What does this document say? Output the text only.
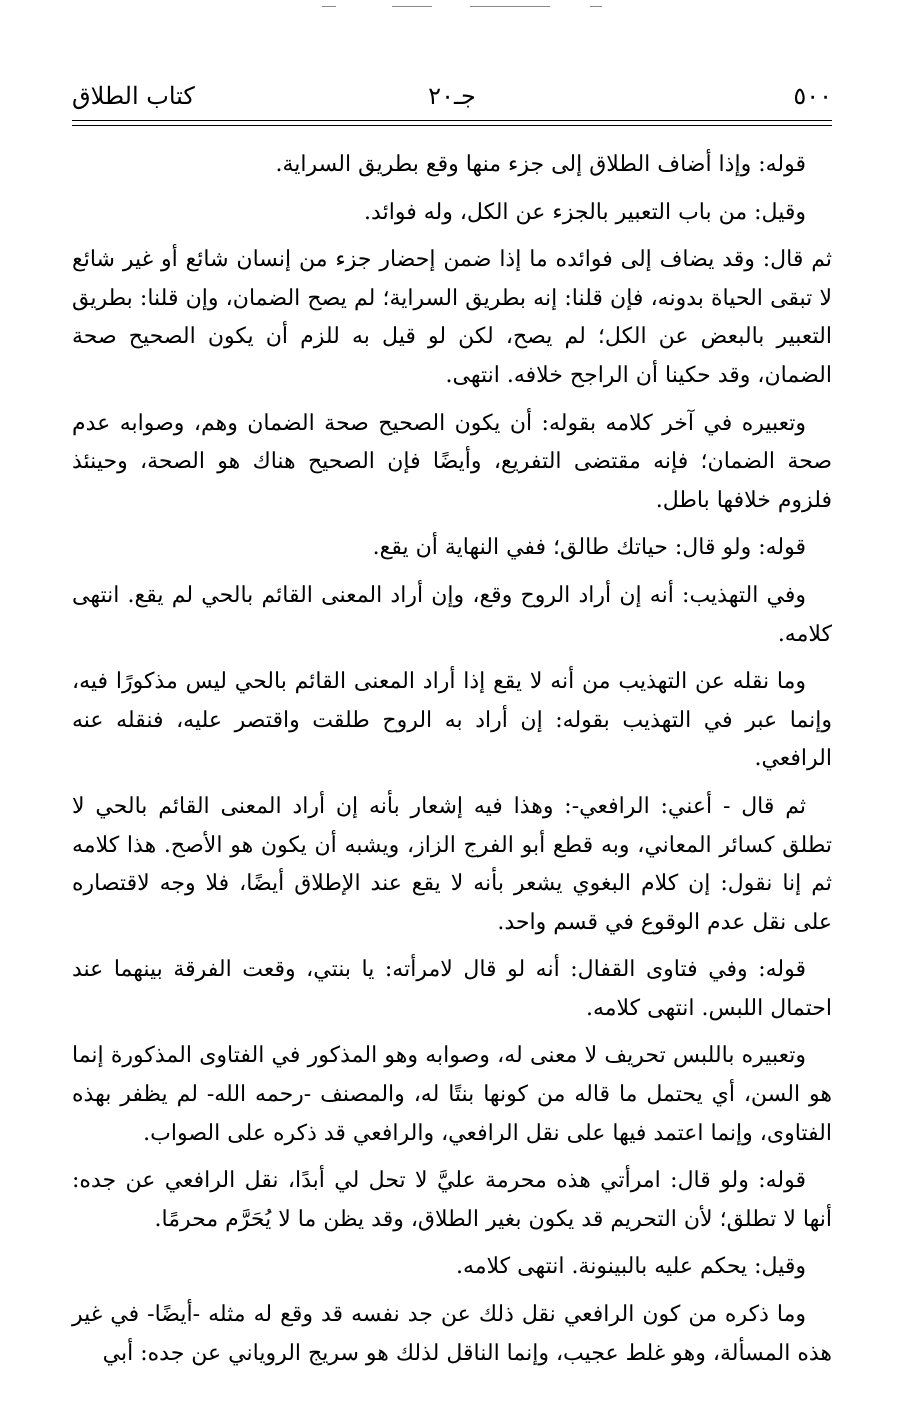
٥٠٠
جـ٢٠
كتاب الطلاق

قوله: وإذا أضاف الطلاق إلى جزء منها وقع بطريق السراية.

وقيل: من باب التعبير بالجزء عن الكل، وله فوائد.

ثم قال: وقد يضاف إلى فوائده ما إذا ضمن إحضار جزء من إنسان شائع أو غير شائع لا تبقى الحياة بدونه، فإن قلنا: إنه بطريق السراية؛ لم يصح الضمان، وإن قلنا: بطريق التعبير بالبعض عن الكل؛ لم يصح، لكن لو قيل به للزم أن يكون الصحيح صحة الضمان، وقد حكينا أن الراجح خلافه. انتهى.

وتعبيره في آخر كلامه بقوله: أن يكون الصحيح صحة الضمان وهم، وصوابه عدم صحة الضمان؛ فإنه مقتضى التفريع، وأيضًا فإن الصحيح هناك هو الصحة، وحينئذ فلزوم خلافها باطل.

قوله: ولو قال: حياتك طالق؛ ففي النهاية أن يقع.

وفي التهذيب: أنه إن أراد الروح وقع، وإن أراد المعنى القائم بالحي لم يقع. انتهى كلامه.

وما نقله عن التهذيب من أنه لا يقع إذا أراد المعنى القائم بالحي ليس مذكورًا فيه، وإنما عبر في التهذيب بقوله: إن أراد به الروح طلقت واقتصر عليه، فنقله عنه الرافعي.

ثم قال - أعني: الرافعي-: وهذا فيه إشعار بأنه إن أراد المعنى القائم بالحي لا تطلق كسائر المعاني، وبه قطع أبو الفرج الزاز، ويشبه أن يكون هو الأصح. هذا كلامه ثم إنا نقول: إن كلام البغوي يشعر بأنه لا يقع عند الإطلاق أيضًا، فلا وجه لاقتصاره على نقل عدم الوقوع في قسم واحد.

قوله: وفي فتاوى القفال: أنه لو قال لامرأته: يا بنتي، وقعت الفرقة بينهما عند احتمال اللبس. انتهى كلامه.

وتعبيره باللبس تحريف لا معنى له، وصوابه وهو المذكور في الفتاوى المذكورة إنما هو السن، أي يحتمل ما قاله من كونها بنتًا له، والمصنف -رحمه الله- لم يظفر بهذه الفتاوى، وإنما اعتمد فيها على نقل الرافعي، والرافعي قد ذكره على الصواب.

قوله: ولو قال: امرأتي هذه محرمة عليَّ لا تحل لي أبدًا، نقل الرافعي عن جده: أنها لا تطلق؛ لأن التحريم قد يكون بغير الطلاق، وقد يظن ما لا يُحَرَّم محرمًا.

وقيل: يحكم عليه بالبينونة. انتهى كلامه.

وما ذكره من كون الرافعي نقل ذلك عن جد نفسه قد وقع له مثله -أيضًا- في غير هذه المسألة، وهو غلط عجيب، وإنما الناقل لذلك هو سريج الروياني عن جده: أبي
